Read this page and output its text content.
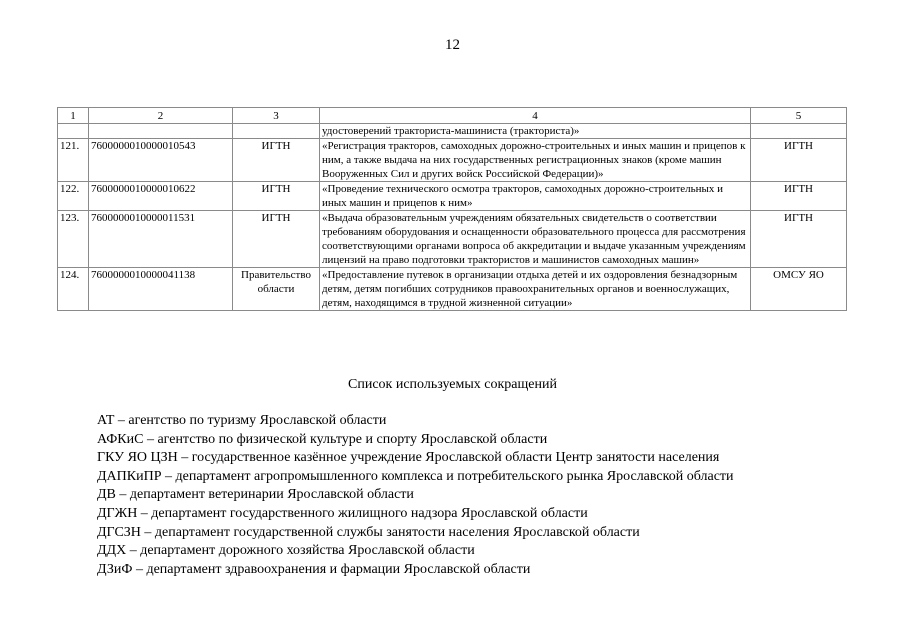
12
1	2	3	4	5
			удостоверений тракториста-машиниста (тракториста)»	
121.	7600000010000010543	ИГТН	«Регистрация тракторов, самоходных дорожно-строительных и иных машин и прицепов к ним, а также выдача на них государственных регистрационных знаков (кроме машин Вооруженных Сил и других войск Российской Федерации)»	ИГТН
122.	7600000010000010622	ИГТН	«Проведение технического осмотра тракторов, самоходных дорожно-строительных и иных машин и прицепов к ним»	ИГТН
123.	7600000010000011531	ИГТН	«Выдача образовательным учреждениям обязательных свидетельств о соответствии требованиям оборудования и оснащенности образовательного процесса для рассмотрения соответствующими органами вопроса об аккредитации и выдаче указанным учреждениям лицензий на право подготовки трактористов и машинистов самоходных машин»	ИГТН
124.	7600000010000041138	Правительство области	«Предоставление путевок в организации отдыха детей и их оздоровления безнадзорным детям, детям погибших сотрудников правоохранительных органов и военнослужащих, детям, находящимся в трудной жизненной ситуации»	ОМСУ ЯО
Список используемых сокращений
АТ – агентство по туризму Ярославской области
АФКиС – агентство по физической культуре и спорту Ярославской области
ГКУ ЯО ЦЗН – государственное казённое учреждение Ярославской области Центр занятости населения
ДАПКиПР – департамент агропромышленного комплекса и потребительского рынка Ярославской области
ДВ – департамент ветеринарии Ярославской области
ДГЖН – департамент государственного жилищного надзора Ярославской области
ДГСЗН – департамент государственной службы занятости населения Ярославской области
ДДХ – департамент дорожного хозяйства Ярославской области
ДЗиФ – департамент здравоохранения и фармации Ярославской области
